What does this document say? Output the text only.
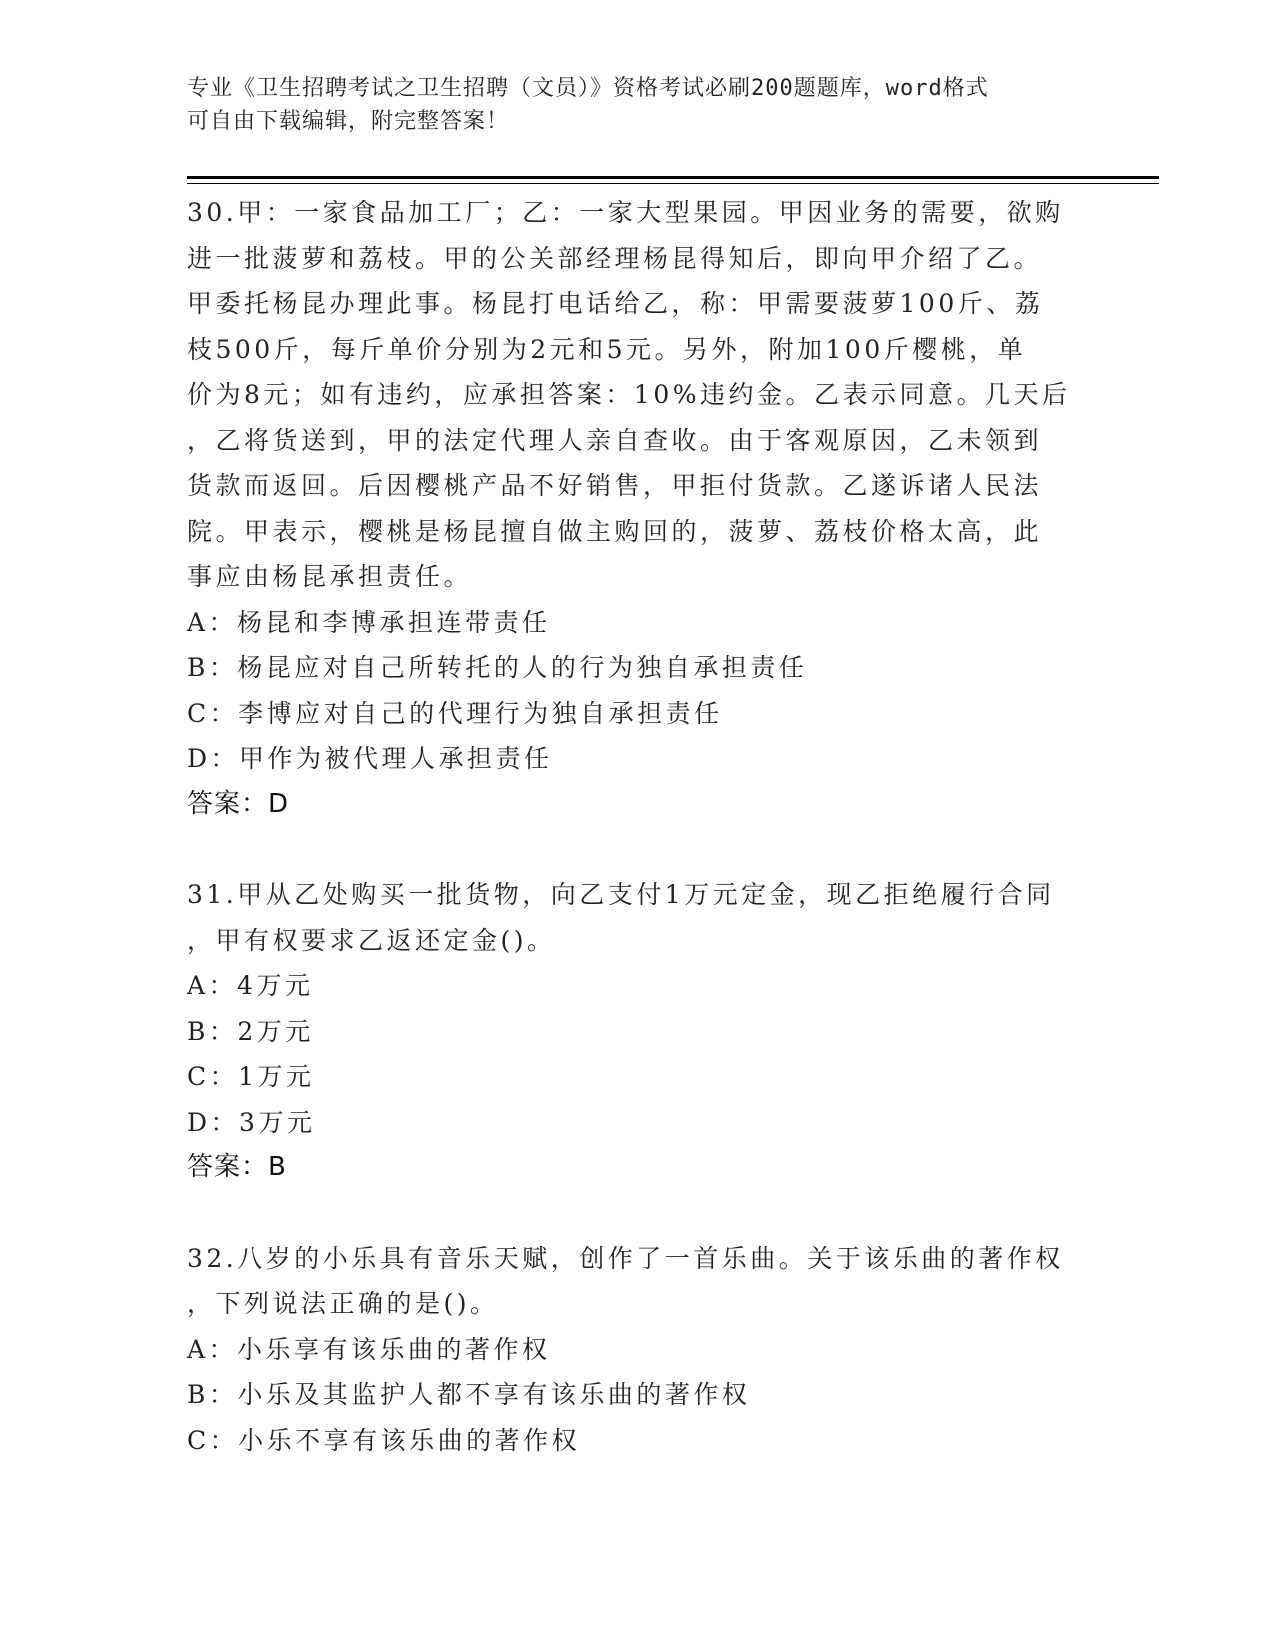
专业《卫生招聘考试之卫生招聘（文员）》资格考试必刷200题题库，word格式
可自由下载编辑，附完整答案！
30.甲：一家食品加工厂；乙：一家大型果园。甲因业务的需要，欲购
进一批菠萝和荔枝。甲的公关部经理杨昆得知后，即向甲介绍了乙。
甲委托杨昆办理此事。杨昆打电话给乙，称：甲需要菠萝100斤、荔
枝500斤，每斤单价分别为2元和5元。另外，附加100斤樱桃，单
价为8元；如有违约，应承担答案：10%违约金。乙表示同意。几天后
，乙将货送到，甲的法定代理人亲自查收。由于客观原因，乙未领到
货款而返回。后因樱桃产品不好销售，甲拒付货款。乙遂诉诸人民法
院。甲表示，樱桃是杨昆擅自做主购回的，菠萝、荔枝价格太高，此
事应由杨昆承担责任。
A：杨昆和李博承担连带责任
B：杨昆应对自己所转托的人的行为独自承担责任
C：李博应对自己的代理行为独自承担责任
D：甲作为被代理人承担责任
答案：D
31.甲从乙处购买一批货物，向乙支付1万元定金，现乙拒绝履行合同
，甲有权要求乙返还定金()。
A：4万元
B：2万元
C：1万元
D：3万元
答案：B
32.八岁的小乐具有音乐天赋，创作了一首乐曲。关于该乐曲的著作权
，下列说法正确的是()。
A：小乐享有该乐曲的著作权
B：小乐及其监护人都不享有该乐曲的著作权
C：小乐不享有该乐曲的著作权
